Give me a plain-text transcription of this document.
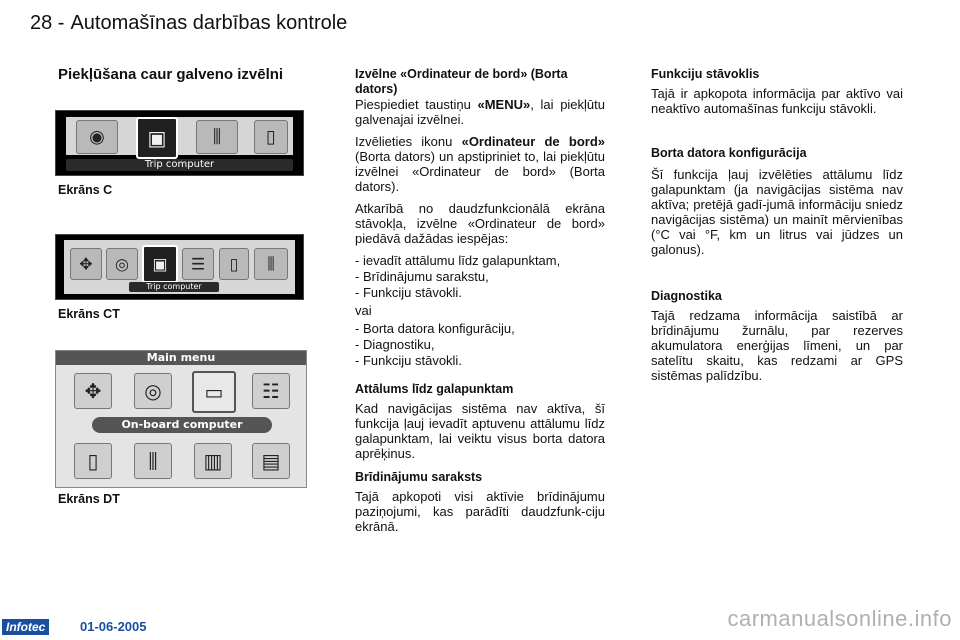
28 - Automašīnas darbības kontrole
Piekļūšana caur galveno izvēlni
◉ ▣	⫼ ▯
Trip computer
Ekrāns C
✥ ◎ ▣ ☰ ▯ ⫼
Trip computer
Ekrāns CT
Main menu
✥ ◎ ▭ ☷
On-board computer
▯ ⫼ ▥ ▤
Ekrāns DT
Izvēlne «Ordinateur de bord» (Borta dators)

Piespiediet taustiņu «MENU», lai piekļūtu galvenajai izvēlnei.

Izvēlieties ikonu «Ordinateur de bord» (Borta dators) un apstipriniet to, lai piekļūtu izvēlnei «Ordinateur de bord» (Borta dators).

Atkarībā no daudzfunkcionālā ekrāna stāvokļa, izvēlne «Ordinateur de bord» piedāvā dažādas iespējas:

- ievadīt attālumu līdz galapunktam,
- Brīdinājumu sarakstu,
- Funkciju stāvokli.

vai

- Borta datora konfigurāciju,
- Diagnostiku,
- Funkciju stāvokli.
Attālums līdz galapunktam

Kad navigācijas sistēma nav aktīva, šī funkcija ļauj ievadīt aptuvenu attālumu līdz galapunktam, lai veiktu visus borta datora aprēķinus.

Brīdinājumu saraksts

Tajā apkopoti visi aktīvie brīdinājumu paziņojumi, kas parādīti daudzfunk-ciju ekrānā.

Funkciju stāvoklis

Tajā ir apkopota informācija par aktīvo vai neaktīvo automašīnas funkciju stāvokli.

Borta datora konfigurācija

Šī funkcija ļauj izvēlēties attālumu līdz galapunktam (ja navigācijas sistēma nav aktīva; pretējā gadī-jumā informāciju sniedz navigācijas sistēma) un mainīt mērvienības (°C vai °F, km un litrus vai jūdzes un galonus).

Diagnostika

Tajā redzama informācija saistībā ar brīdinājumu žurnālu, par rezerves akumulatora enerģijas līmeni, un par satelītu skaitu, kas redzami ar GPS sistēmas palīdzību.

Infotec	01-06-2005	carmanualsonline.info
